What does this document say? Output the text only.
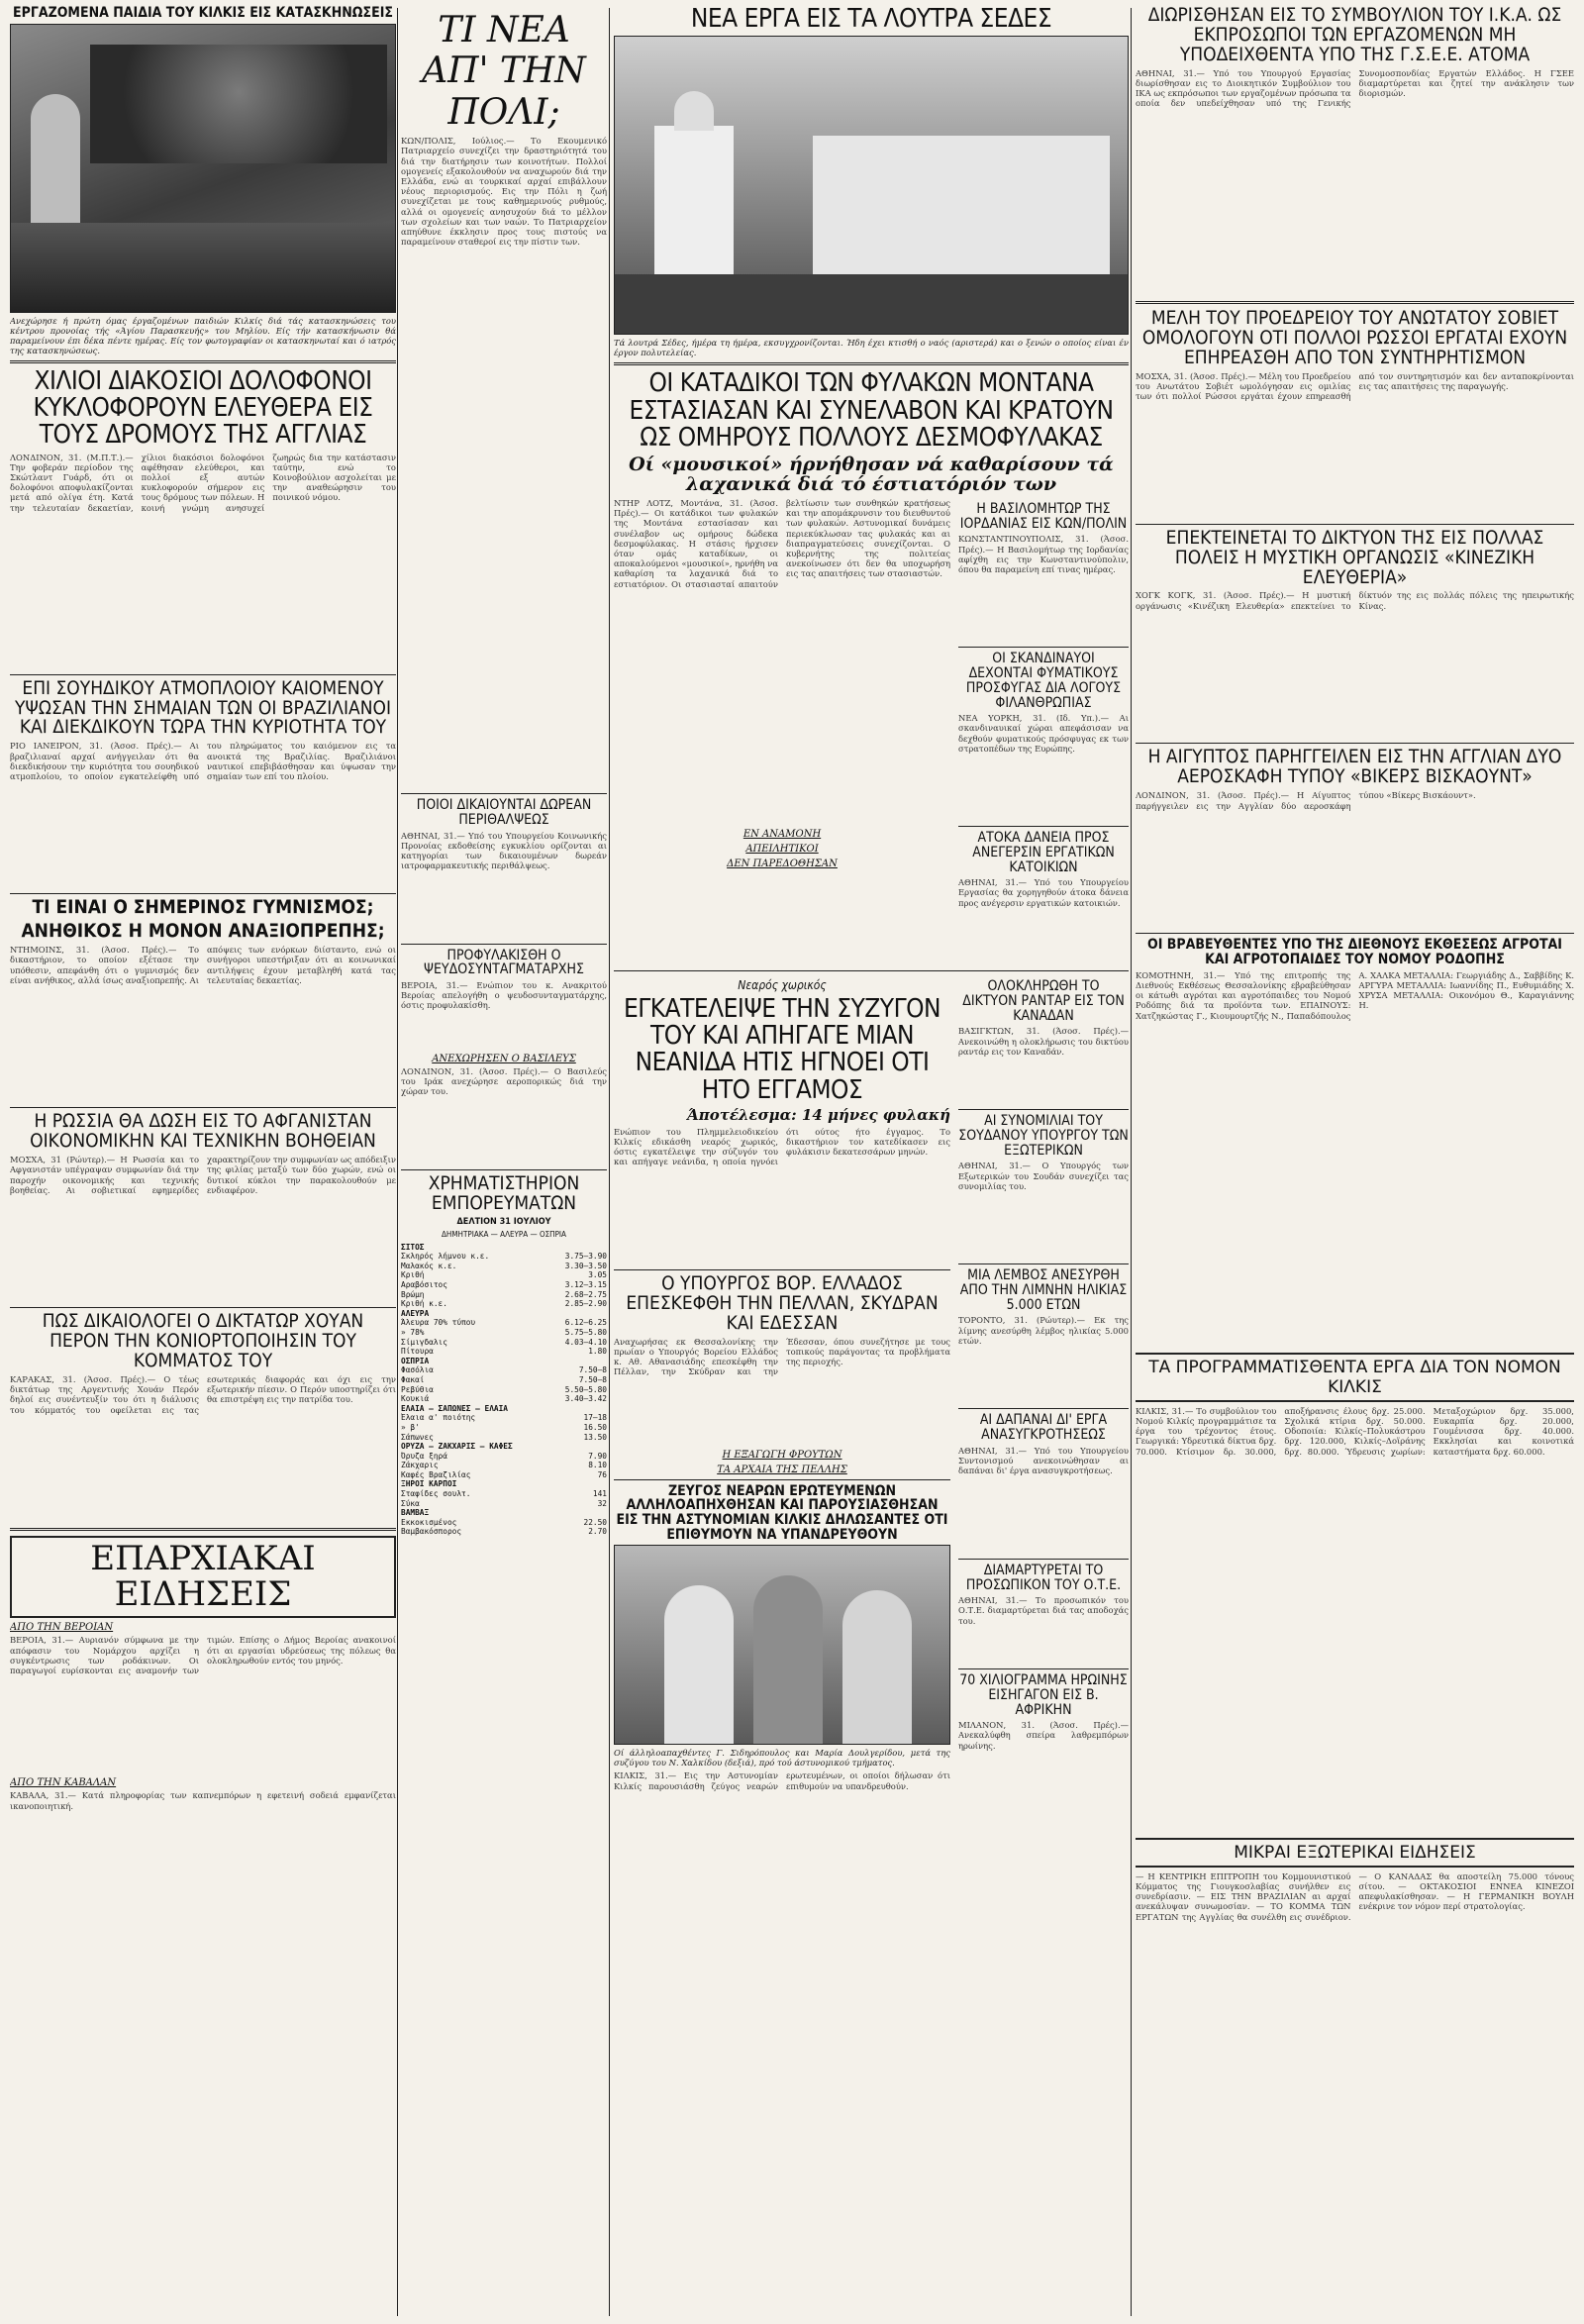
ΕΡΓΑΖΟΜΕΝΑ ΠΑΙΔΙΑ ΤΟΥ ΚΙΛΚΙΣ ΕΙΣ ΚΑΤΑΣΚΗΝΩΣΕΙΣ
Ανεχώρησε ή πρώτη όμας έργαζομένων παιδιών Κιλκίς διά τάς κατασκηνώσεις του κέντρου προνοίας τής «Άγίου Παρασκευής» του Μηλίου. Είς τήν κατασκήνωσιν θά παραμείνουν έπι δέκα πέντε ημέρας. Είς τον φωτογραφίαν οι κατασκηνωταί και ό ιατρός της κατασκηνώσεως.
ΧΙΛΙΟΙ ΔΙΑΚΟΣΙΟΙ ΔΟΛΟΦΟΝΟΙ ΚΥΚΛΟΦΟΡΟΥΝ ΕΛΕΥΘΕΡΑ ΕΙΣ ΤΟΥΣ ΔΡΟΜΟΥΣ ΤΗΣ ΑΓΓΛΙΑΣ
ΛΟΝΔΙΝΟΝ, 31. (Μ.Π.Τ.).— Την φοβεράν περίοδον της Σκώτλαντ Γυάρδ, ότι οι δολοφόνοι αποφυλακίζονται μετά από ολίγα έτη. Κατά την τελευταίαν δεκαετίαν, χίλιοι διακόσιοι δολοφόνοι αφέθησαν ελεύθεροι, και πολλοί εξ αυτών κυκλοφορούν σήμερον εις τους δρόμους των πόλεων. Η κοινή γνώμη ανησυχεί ζωηρώς δια την κατάστασιν ταύτην, ενώ το Κοινοβούλιον ασχολείται με την αναθεώρησιν του ποινικού νόμου.
ΕΠΙ ΣΟΥΗΔΙΚΟΥ ΑΤΜΟΠΛΟΙΟΥ ΚΑΙΟΜΕΝΟΥ ΥΨΩΣΑΝ ΤΗΝ ΣΗΜΑΙΑΝ ΤΩΝ ΟΙ ΒΡΑΖΙΛΙΑΝΟΙ ΚΑΙ ΔΙΕΚΔΙΚΟΥΝ ΤΩΡΑ ΤΗΝ ΚΥΡΙΟΤΗΤΑ ΤΟΥ
ΡΙΟ ΙΑΝΕΙΡΟΝ, 31. (Άσοσ. Πρές).— Αι βραζιλιαναί αρχαί ανήγγειλαν ότι θα διεκδικήσουν την κυριότητα του σουηδικού ατμοπλοίου, το οποίον εγκατελείφθη υπό του πληρώματος του καιόμενον εις τα ανοικτά της Βραζιλίας. Βραζιλιάνοι ναυτικοί επεβιβάσθησαν και ύψωσαν την σημαίαν των επί του πλοίου.
ΤΙ ΕΙΝΑΙ Ο ΣΗΜΕΡΙΝΟΣ ΓΥΜΝΙΣΜΟΣ;
ΑΝΗΘΙΚΟΣ Η ΜΟΝΟΝ ΑΝΑΞΙΟΠΡΕΠΗΣ;
ΝΤΗΜΟΙΝΣ, 31. (Άσοσ. Πρές).— Το δικαστήριον, το οποίον εξέτασε την υπόθεσιν, απεφάνθη ότι ο γυμνισμός δεν είναι ανήθικος, αλλά ίσως αναξιοπρεπής. Αι απόψεις των ενόρκων διίσταντο, ενώ οι συνήγοροι υπεστήριξαν ότι αι κοινωνικαί αντιλήψεις έχουν μεταβληθή κατά τας τελευταίας δεκαετίας.
Η ΡΩΣΣΙΑ ΘΑ ΔΩΣΗ ΕΙΣ ΤΟ ΑΦΓΑΝΙΣΤΑΝ ΟΙΚΟΝΟΜΙΚΗΝ ΚΑΙ ΤΕΧΝΙΚΗΝ ΒΟΗΘΕΙΑΝ
ΜΟΣΧΑ, 31 (Ρώυτερ).— Η Ρωσσία και το Αφγανιστάν υπέγραψαν συμφωνίαν διά την παροχήν οικονομικής και τεχνικής βοηθείας. Αι σοβιετικαί εφημερίδες χαρακτηρίζουν την συμφωνίαν ως απόδειξιν της φιλίας μεταξύ των δύο χωρών, ενώ οι δυτικοί κύκλοι την παρακολουθούν με ενδιαφέρον.
ΠΩΣ ΔΙΚΑΙΟΛΟΓΕΙ Ο ΔΙΚΤΑΤΩΡ ΧΟΥΑΝ ΠΕΡΟΝ ΤΗΝ ΚΟΝΙΟΡΤΟΠΟΙΗΣΙΝ ΤΟΥ ΚΟΜΜΑΤΟΣ ΤΟΥ
ΚΑΡΑΚΑΣ, 31. (Άσοσ. Πρές).— Ο τέως δικτάτωρ της Αργεντινής Χουάν Περόν δηλοί εις συνέντευξίν του ότι η διάλυσις του κόμματός του οφείλεται εις τας εσωτερικάς διαφοράς και όχι εις την εξωτερικήν πίεσιν. Ο Περόν υποστηρίζει ότι θα επιστρέψη εις την πατρίδα του.
ΕΠΑΡΧΙΑΚΑΙ ΕΙΔΗΣΕΙΣ
ΑΠΟ ΤΗΝ ΒΕΡΟΙΑΝ
ΒΕΡΟΙΑ, 31.— Αυριανόν σύμφωνα με την απόφασιν του Νομάρχου αρχίζει η συγκέντρωσις των ροδάκινων. Οι παραγωγοί ευρίσκονται εις αναμονήν των τιμών. Επίσης ο Δήμος Βεροίας ανακοινοί ότι αι εργασίαι υδρεύσεως της πόλεως θα ολοκληρωθούν εντός του μηνός.
ΑΠΟ ΤΗΝ ΚΑΒΑΛΑΝ
ΚΑΒΑΛΑ, 31.— Κατά πληροφορίας των καπνεμπόρων η εφετεινή σοδειά εμφανίζεται ικανοποιητική.
ΤΙ ΝΕΑ ΑΠ' ΤΗΝ ΠΟΛΙ;
ΚΩΝ/ΠΟΛΙΣ, Ιούλιος.— Το Εκουμενικό Πατριαρχείο συνεχίζει την δραστηριότητά του διά την διατήρησιν των κοινοτήτων. Πολλοί ομογενείς εξακολουθούν να αναχωρούν διά την Ελλάδα, ενώ αι τουρκικαί αρχαί επιβάλλουν νέους περιορισμούς. Εις την Πόλι η ζωή συνεχίζεται με τους καθημερινούς ρυθμούς, αλλά οι ομογενείς ανησυχούν διά το μέλλον των σχολείων και των ναών. Το Πατριαρχείον απηύθυνε έκκλησιν προς τους πιστούς να παραμείνουν σταθεροί εις την πίστιν των.
ΠΟΙΟΙ ΔΙΚΑΙΟΥΝΤΑΙ ΔΩΡΕΑΝ ΠΕΡΙΘΑΛΨΕΩΣ
ΑΘΗΝΑΙ, 31.— Υπό του Υπουργείου Κοινωνικής Προνοίας εκδοθείσης εγκυκλίου ορίζονται αι κατηγορίαι των δικαιουμένων δωρεάν ιατροφαρμακευτικής περιθάλψεως.
ΠΡΟΦΥΛΑΚΙΣΘΗ Ο ΨΕΥΔΟΣΥΝΤΑΓΜΑΤΑΡΧΗΣ
ΒΕΡΟΙΑ, 31.— Ενώπιον του κ. Ανακριτού Βεροίας απελογήθη ο ψευδοσυνταγματάρχης, όστις προφυλακίσθη.
ΑΝΕΧΩΡΗΣΕΝ Ο ΒΑΣΙΛΕΥΣ
ΛΟΝΔΙΝΟΝ, 31. (Άσοσ. Πρές).— Ο Βασιλεύς του Ιράκ ανεχώρησε αεροπορικώς διά την χώραν του.
ΧΡΗΜΑΤΙΣΤΗΡΙΟΝ ΕΜΠΟΡΕΥΜΑΤΩΝ
ΔΕΛΤΙΟΝ 31 ΙΟΥΛΙΟΥ
ΔΗΜΗΤΡΙΑΚΑ — ΑΛΕΥΡΑ — ΟΣΠΡΙΑ
ΣΙΤΟΣ	
Σκληρός λήμνου κ.ε.	3.75—3.90
Μαλακός κ.ε.	3.30—3.50
Κριθή	3.05
Αραβόσιτος	3.12—3.15
Βρώμη	2.68—2.75
Κριθή κ.ε.	2.85—2.90
ΑΛΕΥΡΑ	
Άλευρα 70% τύπου	6.12—6.25
» 78%	5.75—5.80
Σίμιγδαλις	4.03—4.10
Πίτουρα	1.80
ΟΣΠΡΙΑ	
Φασόλια	7.50—8
Φακαί	7.50—8
Ρεβύθια	5.50—5.80
Κουκιά	3.40—3.42
ΕΛΑΙΑ — ΣΑΠΩΝΕΣ — ΕΛΑΙΑ	
Έλαια α' ποιότης	17—18
» β'	16.50
Σάπωνες	13.50
ΟΡΥΖΑ — ΖΑΚΧΑΡΙΣ — ΚΑΦΕΣ	
Όρυζα ξηρά	7.90
Ζάκχαρις	8.10
Καφές Βραζιλίας	76
ΞΗΡΟΙ ΚΑΡΠΟΙ	
Σταφίδες σουλτ.	141
Σύκα	32
ΒΑΜΒΑΞ	
Εκκοκισμένος	22.50
Βαμβακόσπορος	2.70
ΝΕΑ ΕΡΓΑ ΕΙΣ ΤΑ ΛΟΥΤΡΑ ΣΕΔΕΣ
Τά λουτρά Σέδες, ήμέρα τη ήμέρα, εκσυγχρονίζονται. Ήδη έχει κτισθή ο ναός (αριστερά) και ο ξενών ο οποίος είναι έν έργον πολυτελείας.
ΟΙ ΚΑΤΑΔΙΚΟΙ ΤΩΝ ΦΥΛΑΚΩΝ ΜΟΝΤΑΝΑ ΕΣΤΑΣΙΑΣΑΝ ΚΑΙ ΣΥΝΕΛΑΒΟΝ ΚΑΙ ΚΡΑΤΟΥΝ ΩΣ ΟΜΗΡΟΥΣ ΠΟΛΛΟΥΣ ΔΕΣΜΟΦΥΛΑΚΑΣ
Οί «μουσικοί» ήρνήθησαν νά καθαρίσουν τά λαχανικά διά τό έστιατόριόν των
ΝΤΗΡ ΛΟΤΖ, Μοντάνα, 31. (Άσοσ. Πρές).— Οι κατάδικοι των φυλακών της Μοντάνα εστασίασαν και συνέλαβον ως ομήρους δώδεκα δεσμοφύλακας. Η στάσις ήρχισεν όταν ομάς καταδίκων, οι αποκαλούμενοι «μουσικοί», ηρνήθη να καθαρίση τα λαχανικά διά το εστιατόριον. Οι στασιασταί απαιτούν βελτίωσιν των συνθηκών κρατήσεως και την απομάκρυνσιν του διευθυντού των φυλακών. Αστυνομικαί δυνάμεις περιεκύκλωσαν τας φυλακάς και αι διαπραγματεύσεις συνεχίζονται. Ο κυβερνήτης της πολιτείας ανεκοίνωσεν ότι δεν θα υποχωρήση εις τας απαιτήσεις των στασιαστών.
ΕΝ ΑΝΑΜΟΝΗ
ΑΠΕΙΛΗΤΙΚΟΙ
ΔΕΝ ΠΑΡΕΔΟΘΗΣΑΝ
Η ΒΑΣΙΛΟΜΗΤΩΡ ΤΗΣ ΙΟΡΔΑΝΙΑΣ ΕΙΣ ΚΩΝ/ΠΟΛΙΝ
ΚΩΝΣΤΑΝΤΙΝΟΥΠΟΛΙΣ, 31. (Άσοσ. Πρές).— Η Βασιλομήτωρ της Ιορδανίας αφίχθη εις την Κωνσταντινούπολιν, όπου θα παραμείνη επί τινας ημέρας.
ΟΙ ΣΚΑΝΔΙΝΑΥΟΙ ΔΕΧΟΝΤΑΙ ΦΥΜΑΤΙΚΟΥΣ ΠΡΟΣΦΥΓΑΣ ΔΙΑ ΛΟΓΟΥΣ ΦΙΛΑΝΘΡΩΠΙΑΣ
ΝΕΑ ΥΟΡΚΗ, 31. (Ιδ. Υπ.).— Αι σκανδιναυικαί χώραι απεφάσισαν να δεχθούν φυματικούς πρόσφυγας εκ των στρατοπέδων της Ευρώπης.
ΑΤΟΚΑ ΔΑΝΕΙΑ ΠΡΟΣ ΑΝΕΓΕΡΣΙΝ ΕΡΓΑΤΙΚΩΝ ΚΑΤΟΙΚΙΩΝ
ΑΘΗΝΑΙ, 31.— Υπό του Υπουργείου Εργασίας θα χορηγηθούν άτοκα δάνεια προς ανέγερσιν εργατικών κατοικιών.
Νεαρός χωρικός
ΕΓΚΑΤΕΛΕΙΨΕ ΤΗΝ ΣΥΖΥΓΟΝ ΤΟΥ ΚΑΙ ΑΠΗΓΑΓΕ ΜΙΑΝ ΝΕΑΝΙΔΑ ΗΤΙΣ ΗΓΝΟΕΙ ΟΤΙ ΗΤΟ ΕΓΓΑΜΟΣ
Άποτέλεσμα: 14 μήνες φυλακή
Ενώπιον του Πλημμελειοδικείου Κιλκίς εδικάσθη νεαρός χωρικός, όστις εγκατέλειψε την σύζυγόν του και απήγαγε νεάνιδα, η οποία ηγνόει ότι ούτος ήτο έγγαμος. Το δικαστήριον τον κατεδίκασεν εις φυλάκισιν δεκατεσσάρων μηνών.
Ο ΥΠΟΥΡΓΟΣ ΒΟΡ. ΕΛΛΑΔΟΣ ΕΠΕΣΚΕΦΘΗ ΤΗΝ ΠΕΛΛΑΝ, ΣΚΥΔΡΑΝ ΚΑΙ ΕΔΕΣΣΑΝ
Αναχωρήσας εκ Θεσσαλονίκης την πρωίαν ο Υπουργός Βορείου Ελλάδος κ. Αθ. Αθανασιάδης επεσκέφθη την Πέλλαν, την Σκύδραν και την Έδεσσαν, όπου συνεζήτησε με τους τοπικούς παράγοντας τα προβλήματα της περιοχής.
Η ΕΞΑΓΩΓΗ ΦΡΟΥΤΩΝ
ΤΑ ΑΡΧΑΙΑ ΤΗΣ ΠΕΛΛΗΣ
ΖΕΥΓΟΣ ΝΕΑΡΩΝ ΕΡΩΤΕΥΜΕΝΩΝ ΑΛΛΗΛΟΑΠΗΧΘΗΣΑΝ ΚΑΙ ΠΑΡΟΥΣΙΑΣΘΗΣΑΝ ΕΙΣ ΤΗΝ ΑΣΤΥΝΟΜΙΑΝ ΚΙΛΚΙΣ ΔΗΛΩΣΑΝΤΕΣ ΟΤΙ ΕΠΙΘΥΜΟΥΝ ΝΑ ΥΠΑΝΔΡΕΥΘΟΥΝ
Οί άλληλοαπαχθέντες Γ. Σιδηρόπουλος και Μαρία Δουλγερίδου, μετά της συζύγου του Ν. Χαλκίδου (δεξιά), πρό τού άστυνομικού τμήματος.
ΚΙΛΚΙΣ, 31.— Εις την Αστυνομίαν Κιλκίς παρουσιάσθη ζεύγος νεαρών ερωτευμένων, οι οποίοι δήλωσαν ότι επιθυμούν να υπανδρευθούν.
ΟΛΟΚΛΗΡΩΘΗ ΤΟ ΔΙΚΤΥΟΝ ΡΑΝΤΑΡ ΕΙΣ ΤΟΝ ΚΑΝΑΔΑΝ
ΒΑΣΙΓΚΤΩΝ, 31. (Άσοσ. Πρές).— Ανεκοινώθη η ολοκλήρωσις του δικτύου ραντάρ εις τον Καναδάν.
ΑΙ ΣΥΝΟΜΙΛΙΑΙ ΤΟΥ ΣΟΥΔΑΝΟΥ ΥΠΟΥΡΓΟΥ ΤΩΝ ΕΞΩΤΕΡΙΚΩΝ
ΑΘΗΝΑΙ, 31.— Ο Υπουργός των Εξωτερικών του Σουδάν συνεχίζει τας συνομιλίας του.
ΜΙΑ ΛΕΜΒΟΣ ΑΝΕΣΥΡΘΗ ΑΠΟ ΤΗΝ ΛΙΜΝΗΝ ΗΛΙΚΙΑΣ 5.000 ΕΤΩΝ
ΤΟΡΟΝΤΟ, 31. (Ρώυτερ).— Εκ της λίμνης ανεσύρθη λέμβος ηλικίας 5.000 ετών.
ΑΙ ΔΑΠΑΝΑΙ ΔΙ' ΕΡΓΑ ΑΝΑΣΥΓΚΡΟΤΗΣΕΩΣ
ΑΘΗΝΑΙ, 31.— Υπό του Υπουργείου Συντονισμού ανεκοινώθησαν αι δαπάναι δι' έργα ανασυγκροτήσεως.
ΔΙΑΜΑΡΤΥΡΕΤΑΙ ΤΟ ΠΡΟΣΩΠΙΚΟΝ ΤΟΥ Ο.Τ.Ε.
ΑΘΗΝΑΙ, 31.— Το προσωπικόν του Ο.Τ.Ε. διαμαρτύρεται διά τας αποδοχάς του.
70 ΧΙΛΙΟΓΡΑΜΜΑ ΗΡΩΙΝΗΣ ΕΙΣΗΓΑΓΟΝ ΕΙΣ Β. ΑΦΡΙΚΗΝ
ΜΙΛΑΝΟΝ, 31. (Άσοσ. Πρές).— Ανεκαλύφθη σπείρα λαθρεμπόρων ηρωίνης.
ΔΙΩΡΙΣΘΗΣΑΝ ΕΙΣ ΤΟ ΣΥΜΒΟΥΛΙΟΝ ΤΟΥ Ι.Κ.Α. ΩΣ ΕΚΠΡΟΣΩΠΟΙ ΤΩΝ ΕΡΓΑΖΟΜΕΝΩΝ ΜΗ ΥΠΟΔΕΙΧΘΕΝΤΑ ΥΠΟ ΤΗΣ Γ.Σ.Ε.Ε. ΑΤΟΜΑ
ΑΘΗΝΑΙ, 31.— Υπό του Υπουργού Εργασίας διωρίσθησαν εις το Διοικητικόν Συμβούλιον του ΙΚΑ ως εκπρόσωποι των εργαζομένων πρόσωπα τα οποία δεν υπεδείχθησαν υπό της Γενικής Συνομοσπονδίας Εργατών Ελλάδος. Η ΓΣΕΕ διαμαρτύρεται και ζητεί την ανάκλησιν των διορισμών.
ΜΕΛΗ ΤΟΥ ΠΡΟΕΔΡΕΙΟΥ ΤΟΥ ΑΝΩΤΑΤΟΥ ΣΟΒΙΕΤ ΟΜΟΛΟΓΟΥΝ ΟΤΙ ΠΟΛΛΟΙ ΡΩΣΣΟΙ ΕΡΓΑΤΑΙ ΕΧΟΥΝ ΕΠΗΡΕΑΣΘΗ ΑΠΟ ΤΟΝ ΣΥΝΤΗΡΗΤΙΣΜΟΝ
ΜΟΣΧΑ, 31. (Άσοσ. Πρές).— Μέλη του Προεδρείου του Ανωτάτου Σοβιέτ ωμολόγησαν εις ομιλίας των ότι πολλοί Ρώσσοι εργάται έχουν επηρεασθή από τον συντηρητισμόν και δεν ανταποκρίνονται εις τας απαιτήσεις της παραγωγής.
ΕΠΕΚΤΕΙΝΕΤΑΙ ΤΟ ΔΙΚΤΥΟΝ ΤΗΣ ΕΙΣ ΠΟΛΛΑΣ ΠΟΛΕΙΣ Η ΜΥΣΤΙΚΗ ΟΡΓΑΝΩΣΙΣ «ΚΙΝΕΖΙΚΗ ΕΛΕΥΘΕΡΙΑ»
ΧΟΓΚ ΚΟΓΚ, 31. (Άσοσ. Πρές).— Η μυστική οργάνωσις «Κινέζικη Ελευθερία» επεκτείνει το δίκτυόν της εις πολλάς πόλεις της ηπειρωτικής Κίνας.
Η ΑΙΓΥΠΤΟΣ ΠΑΡΗΓΓΕΙΛΕΝ ΕΙΣ ΤΗΝ ΑΓΓΛΙΑΝ ΔΥΟ ΑΕΡΟΣΚΑΦΗ ΤΥΠΟΥ «ΒΙΚΕΡΣ ΒΙΣΚΑΟΥΝΤ»
ΛΟΝΔΙΝΟΝ, 31. (Άσοσ. Πρές).— Η Αίγυπτος παρήγγειλεν εις την Αγγλίαν δύο αεροσκάφη τύπου «Βίκερς Βισκάουντ».
ΟΙ ΒΡΑΒΕΥΘΕΝΤΕΣ ΥΠΟ ΤΗΣ ΔΙΕΘΝΟΥΣ ΕΚΘΕΣΕΩΣ ΑΓΡΟΤΑΙ ΚΑΙ ΑΓΡΟΤΟΠΑΙΔΕΣ ΤΟΥ ΝΟΜΟΥ ΡΟΔΟΠΗΣ
ΚΟΜΟΤΗΝΗ, 31.— Υπό της επιτροπής της Διεθνούς Εκθέσεως Θεσσαλονίκης εβραβεύθησαν οι κάτωθι αγρόται και αγροτόπαιδες του Νομού Ροδόπης διά τα προϊόντα των. ΕΠΑΙΝΟΥΣ: Χατζηκώστας Γ., Κιουμουρτζής Ν., Παπαδόπουλος Α. ΧΑΛΚΑ ΜΕΤΑΛΛΙΑ: Γεωργιάδης Δ., Σαββίδης Κ. ΑΡΓΥΡΑ ΜΕΤΑΛΛΙΑ: Ιωαννίδης Π., Ευθυμιάδης Χ. ΧΡΥΣΑ ΜΕΤΑΛΛΙΑ: Οικονόμου Θ., Καραγιάννης Η.
ΤΑ ΠΡΟΓΡΑΜΜΑΤΙΣΘΕΝΤΑ ΕΡΓΑ ΔΙΑ ΤΟΝ ΝΟΜΟΝ ΚΙΛΚΙΣ
ΚΙΛΚΙΣ, 31.— Το συμβούλιον του Νομού Κιλκίς προγραμμάτισε τα έργα του τρέχοντος έτους. Γεωργικά: Υδρευτικά δίκτυα δρχ. 70.000. Κτίσιμον δρ. 30.000, αποξήρανσις έλους δρχ. 25.000. Σχολικά κτίρια δρχ. 50.000. Οδοποιία: Κιλκίς–Πολυκάστρου δρχ. 120.000, Κιλκίς–Δοϊράνης δρχ. 80.000. Ύδρευσις χωρίων: Μεταξοχώριον δρχ. 35.000, Ευκαρπία δρχ. 20.000, Γουμένισσα δρχ. 40.000. Εκκλησίαι και κοινοτικά καταστήματα δρχ. 60.000.
ΜΙΚΡΑΙ ΕΞΩΤΕΡΙΚΑΙ ΕΙΔΗΣΕΙΣ
— Η ΚΕΝΤΡΙΚΗ ΕΠΙΤΡΟΠΗ του Κομμουνιστικού Κόμματος της Γιουγκοσλαβίας συνήλθεν εις συνεδρίασιν. — ΕΙΣ ΤΗΝ ΒΡΑΖΙΛΙΑΝ αι αρχαί ανεκάλυψαν συνωμοσίαν. — ΤΟ ΚΟΜΜΑ ΤΩΝ ΕΡΓΑΤΩΝ της Αγγλίας θα συνέλθη εις συνέδριον. — Ο ΚΑΝΑΔΑΣ θα αποστείλη 75.000 τόνους σίτου. — ΟΚΤΑΚΟΣΙΟΙ ΕΝΝΕΑ ΚΙΝΕΖΟΙ απεφυλακίσθησαν. — Η ΓΕΡΜΑΝΙΚΗ ΒΟΥΛΗ ενέκρινε τον νόμον περί στρατολογίας.
